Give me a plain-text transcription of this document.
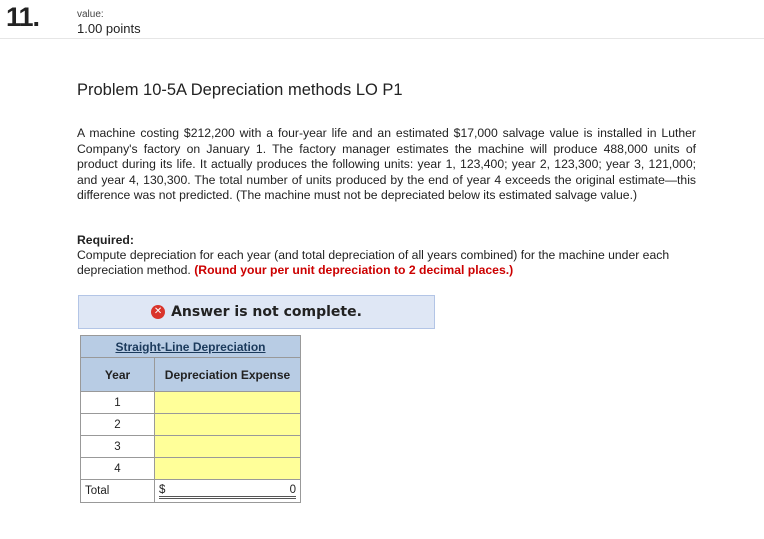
11.	value:
1.00 points
Problem 10-5A Depreciation methods LO P1
A machine costing $212,200 with a four-year life and an estimated $17,000 salvage value is installed in Luther Company's factory on January 1. The factory manager estimates the machine will produce 488,000 units of product during its life. It actually produces the following units: year 1, 123,400; year 2, 123,300; year 3, 121,000; and year 4, 130,300. The total number of units produced by the end of year 4 exceeds the original estimate—this difference was not predicted. (The machine must not be depreciated below its estimated salvage value.)
Required:
Compute depreciation for each year (and total depreciation of all years combined) for the machine under each depreciation method. (Round your per unit depreciation to 2 decimal places.)
✕ Answer is not complete.
Straight-Line Depreciation	
Year	Depreciation Expense
1	
2	
3	
4	
Total	$ 0
